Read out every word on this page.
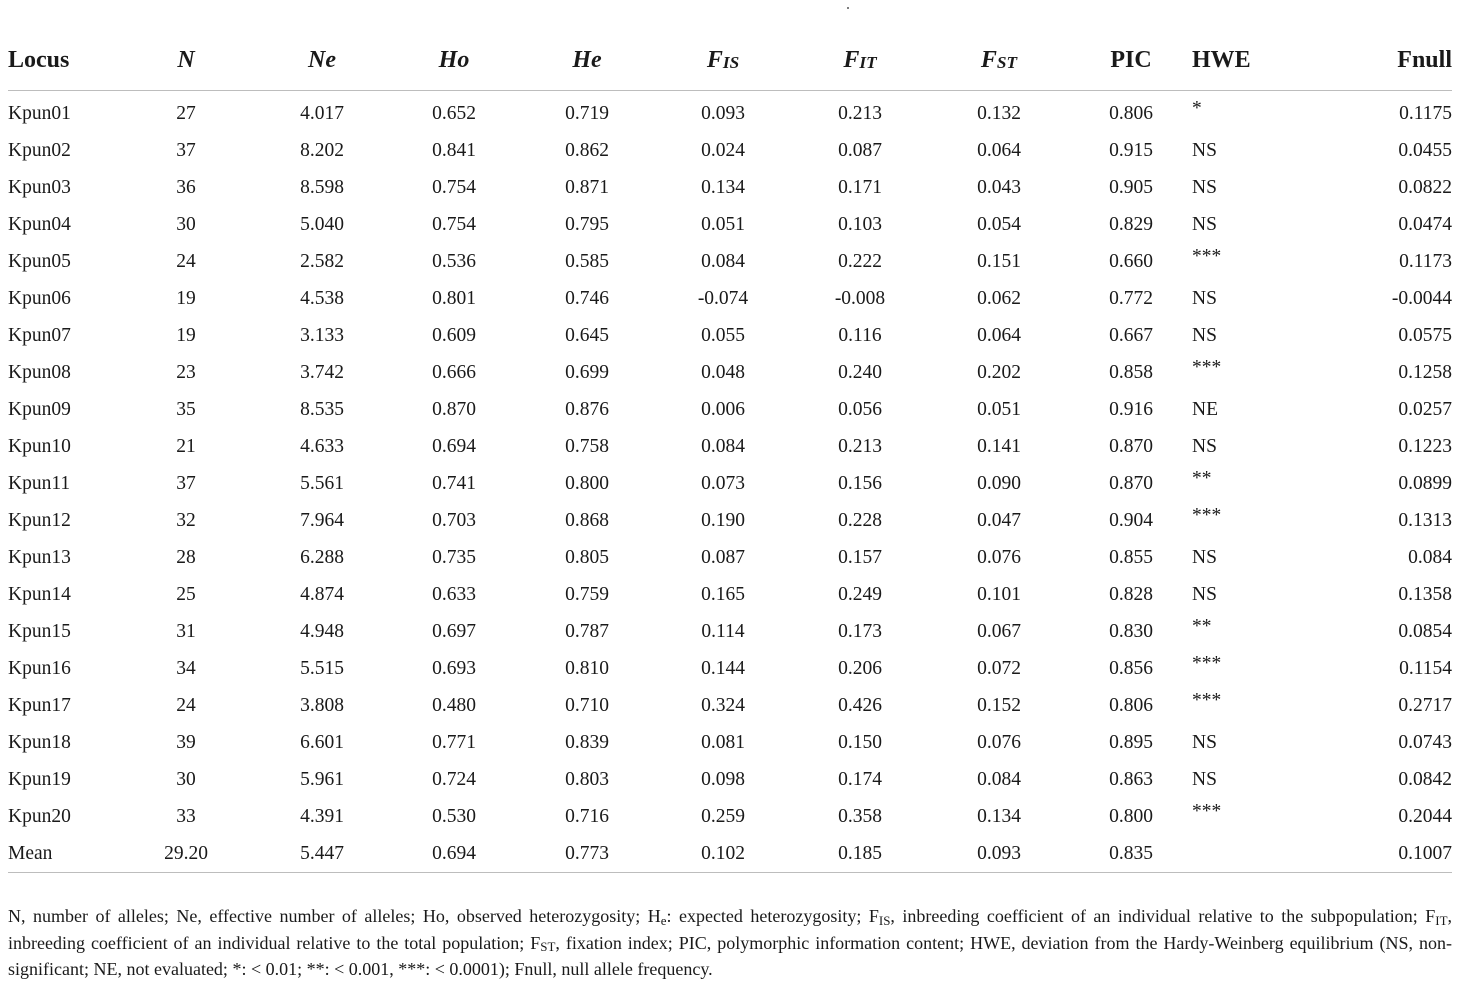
Locus	N	Ne	Ho	He	$F_{IS}$	$F_{IT}$	$F_{ST}$	PIC	HWE	Fnull
Kpun01	27	4.017	0.652	0.719	0.093	0.213	0.132	0.806	*	0.1175
Kpun02	37	8.202	0.841	0.862	0.024	0.087	0.064	0.915	NS	0.0455
Kpun03	36	8.598	0.754	0.871	0.134	0.171	0.043	0.905	NS	0.0822
Kpun04	30	5.040	0.754	0.795	0.051	0.103	0.054	0.829	NS	0.0474
Kpun05	24	2.582	0.536	0.585	0.084	0.222	0.151	0.660	***	0.1173
Kpun06	19	4.538	0.801	0.746	-0.074	-0.008	0.062	0.772	NS	-0.0044
Kpun07	19	3.133	0.609	0.645	0.055	0.116	0.064	0.667	NS	0.0575
Kpun08	23	3.742	0.666	0.699	0.048	0.240	0.202	0.858	***	0.1258
Kpun09	35	8.535	0.870	0.876	0.006	0.056	0.051	0.916	NE	0.0257
Kpun10	21	4.633	0.694	0.758	0.084	0.213	0.141	0.870	NS	0.1223
Kpun11	37	5.561	0.741	0.800	0.073	0.156	0.090	0.870	**	0.0899
Kpun12	32	7.964	0.703	0.868	0.190	0.228	0.047	0.904	***	0.1313
Kpun13	28	6.288	0.735	0.805	0.087	0.157	0.076	0.855	NS	0.084
Kpun14	25	4.874	0.633	0.759	0.165	0.249	0.101	0.828	NS	0.1358
Kpun15	31	4.948	0.697	0.787	0.114	0.173	0.067	0.830	**	0.0854
Kpun16	34	5.515	0.693	0.810	0.144	0.206	0.072	0.856	***	0.1154
Kpun17	24	3.808	0.480	0.710	0.324	0.426	0.152	0.806	***	0.2717
Kpun18	39	6.601	0.771	0.839	0.081	0.150	0.076	0.895	NS	0.0743
Kpun19	30	5.961	0.724	0.803	0.098	0.174	0.084	0.863	NS	0.0842
Kpun20	33	4.391	0.530	0.716	0.259	0.358	0.134	0.800	***	0.2044
Mean	29.20	5.447	0.694	0.773	0.102	0.185	0.093	0.835		0.1007
N, number of alleles; Ne, effective number of alleles; Ho, observed heterozygosity; $H_e$: expected heterozygosity; $F_{IS}$, inbreeding coefficient of an individual relative to the subpopulation; $F_{IT}$, inbreeding coefficient of an individual relative to the total population; $F_{ST}$, fixation index; PIC, polymorphic information content; HWE, deviation from the Hardy-Weinberg equilibrium (NS, non-significant; NE, not evaluated; *: < 0.01; **: < 0.001, ***: < 0.0001); Fnull, null allele frequency.
